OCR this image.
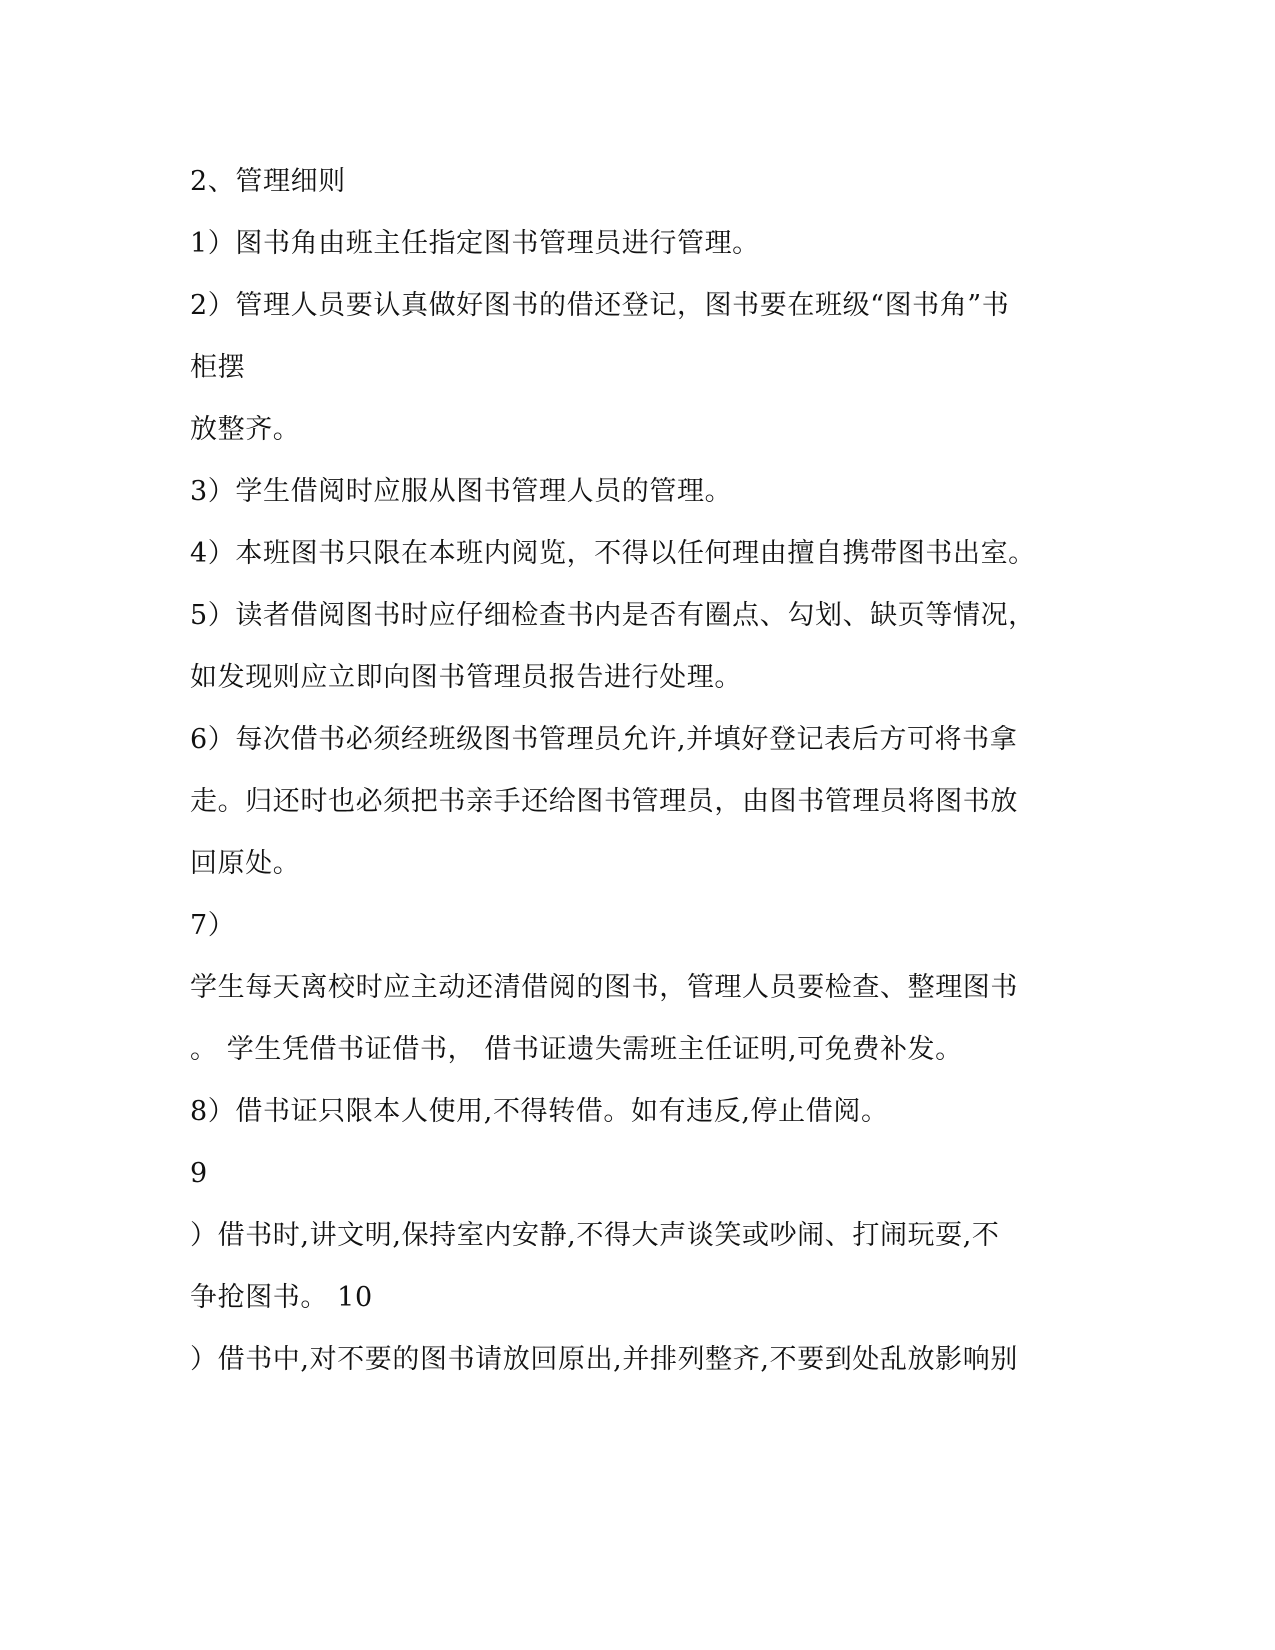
2、管理细则
1）图书角由班主任指定图书管理员进行管理。
2）管理人员要认真做好图书的借还登记，图书要在班级“图书角”书
柜摆
放整齐。
3）学生借阅时应服从图书管理人员的管理。
4）本班图书只限在本班内阅览，不得以任何理由擅自携带图书出室。
5）读者借阅图书时应仔细检查书内是否有圈点、勾划、缺页等情况，
如发现则应立即向图书管理员报告进行处理。
6）每次借书必须经班级图书管理员允许,并填好登记表后方可将书拿
走。归还时也必须把书亲手还给图书管理员，由图书管理员将图书放
回原处。
7）
学生每天离校时应主动还清借阅的图书，管理人员要检查、整理图书
。 学生凭借书证借书， 借书证遗失需班主任证明,可免费补发。
8）借书证只限本人使用,不得转借。如有违反,停止借阅。
9
）借书时,讲文明,保持室内安静,不得大声谈笑或吵闹、打闹玩耍,不
争抢图书。 10
）借书中,对不要的图书请放回原出,并排列整齐,不要到处乱放影响别
